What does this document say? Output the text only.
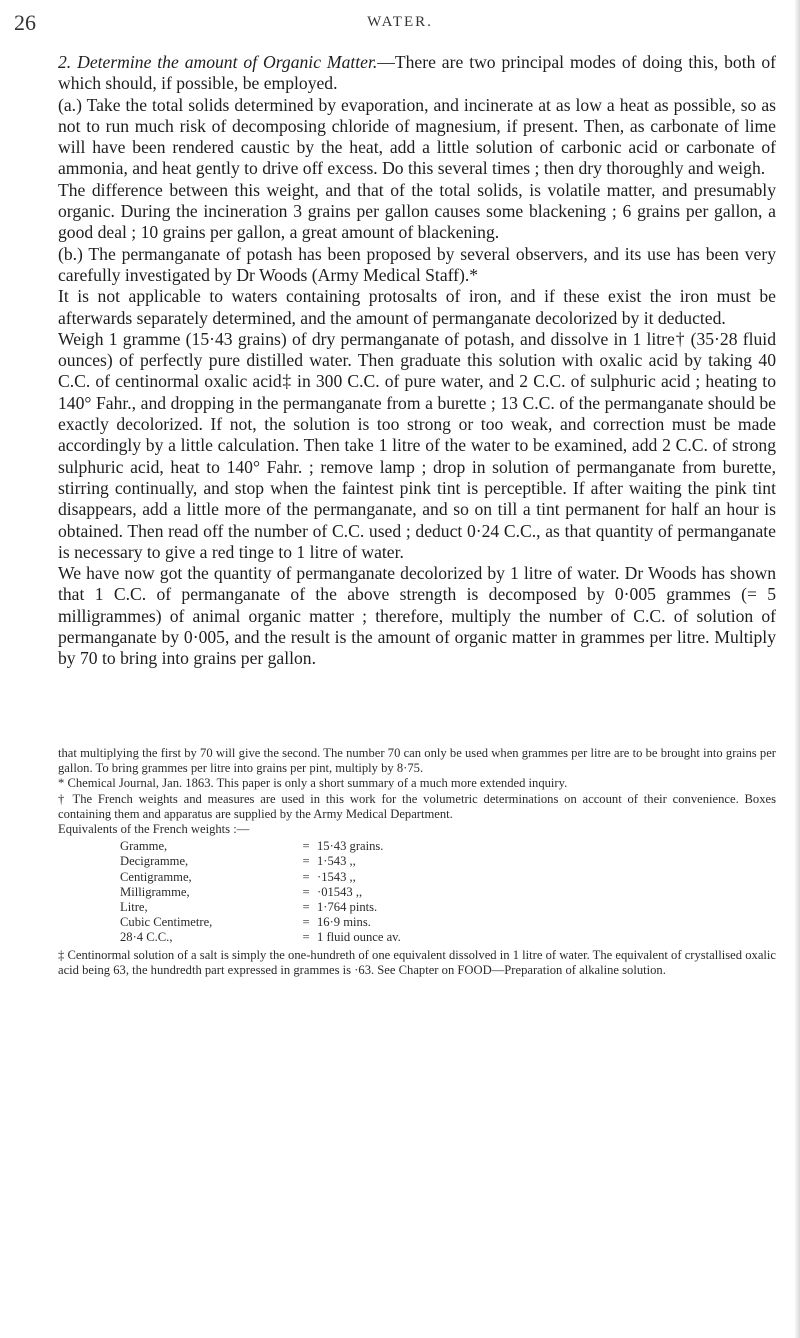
26	WATER.

2. Determine the amount of Organic Matter.—There are two principal modes of doing this, both of which should, if possible, be employed.

(a.) Take the total solids determined by evaporation, and incinerate at as low a heat as possible, so as not to run much risk of decomposing chloride of magnesium, if present. Then, as carbonate of lime will have been rendered caustic by the heat, add a little solution of carbonic acid or carbonate of ammonia, and heat gently to drive off excess. Do this several times ; then dry thoroughly and weigh.

The difference between this weight, and that of the total solids, is volatile matter, and presumably organic. During the incineration 3 grains per gallon causes some blackening ; 6 grains per gallon, a good deal ; 10 grains per gallon, a great amount of blackening.

(b.) The permanganate of potash has been proposed by several observers, and its use has been very carefully investigated by Dr Woods (Army Medical Staff).*

It is not applicable to waters containing protosalts of iron, and if these exist the iron must be afterwards separately determined, and the amount of permanganate decolorized by it deducted.

Weigh 1 gramme (15·43 grains) of dry permanganate of potash, and dissolve in 1 litre† (35·28 fluid ounces) of perfectly pure distilled water. Then graduate this solution with oxalic acid by taking 40 C.C. of centinormal oxalic acid‡ in 300 C.C. of pure water, and 2 C.C. of sulphuric acid ; heating to 140° Fahr., and dropping in the permanganate from a burette ; 13 C.C. of the permanganate should be exactly decolorized. If not, the solution is too strong or too weak, and correction must be made accordingly by a little calculation. Then take 1 litre of the water to be examined, add 2 C.C. of strong sulphuric acid, heat to 140° Fahr. ; remove lamp ; drop in solution of permanganate from burette, stirring continually, and stop when the faintest pink tint is perceptible. If after waiting the pink tint disappears, add a little more of the permanganate, and so on till a tint permanent for half an hour is obtained. Then read off the number of C.C. used ; deduct 0·24 C.C., as that quantity of permanganate is necessary to give a red tinge to 1 litre of water.

We have now got the quantity of permanganate decolorized by 1 litre of water. Dr Woods has shown that 1 C.C. of permanganate of the above strength is decomposed by 0·005 grammes (= 5 milligrammes) of animal organic matter ; therefore, multiply the number of C.C. of solution of permanganate by 0·005, and the result is the amount of organic matter in grammes per litre. Multiply by 70 to bring into grains per gallon.

that multiplying the first by 70 will give the second. The number 70 can only be used when grammes per litre are to be brought into grains per gallon. To bring grammes per litre into grains per pint, multiply by 8·75.

* Chemical Journal, Jan. 1863. This paper is only a short summary of a much more extended inquiry.

† The French weights and measures are used in this work for the volumetric determinations on account of their convenience. Boxes containing them and apparatus are supplied by the Army Medical Department.

Equivalents of the French weights :—

Gramme,	=	15·43 grains.
Decigramme,	=	1·543 ,,
Centigramme,	=	·1543 ,,
Milligramme,	=	·01543 ,,
Litre,	=	1·764 pints.
Cubic Centimetre,	=	16·9 mins.
28·4 C.C.,	=	1 fluid ounce av.

‡ Centinormal solution of a salt is simply the one-hundreth of one equivalent dissolved in 1 litre of water. The equivalent of crystallised oxalic acid being 63, the hundredth part expressed in grammes is ·63. See Chapter on FOOD—Preparation of alkaline solution.
